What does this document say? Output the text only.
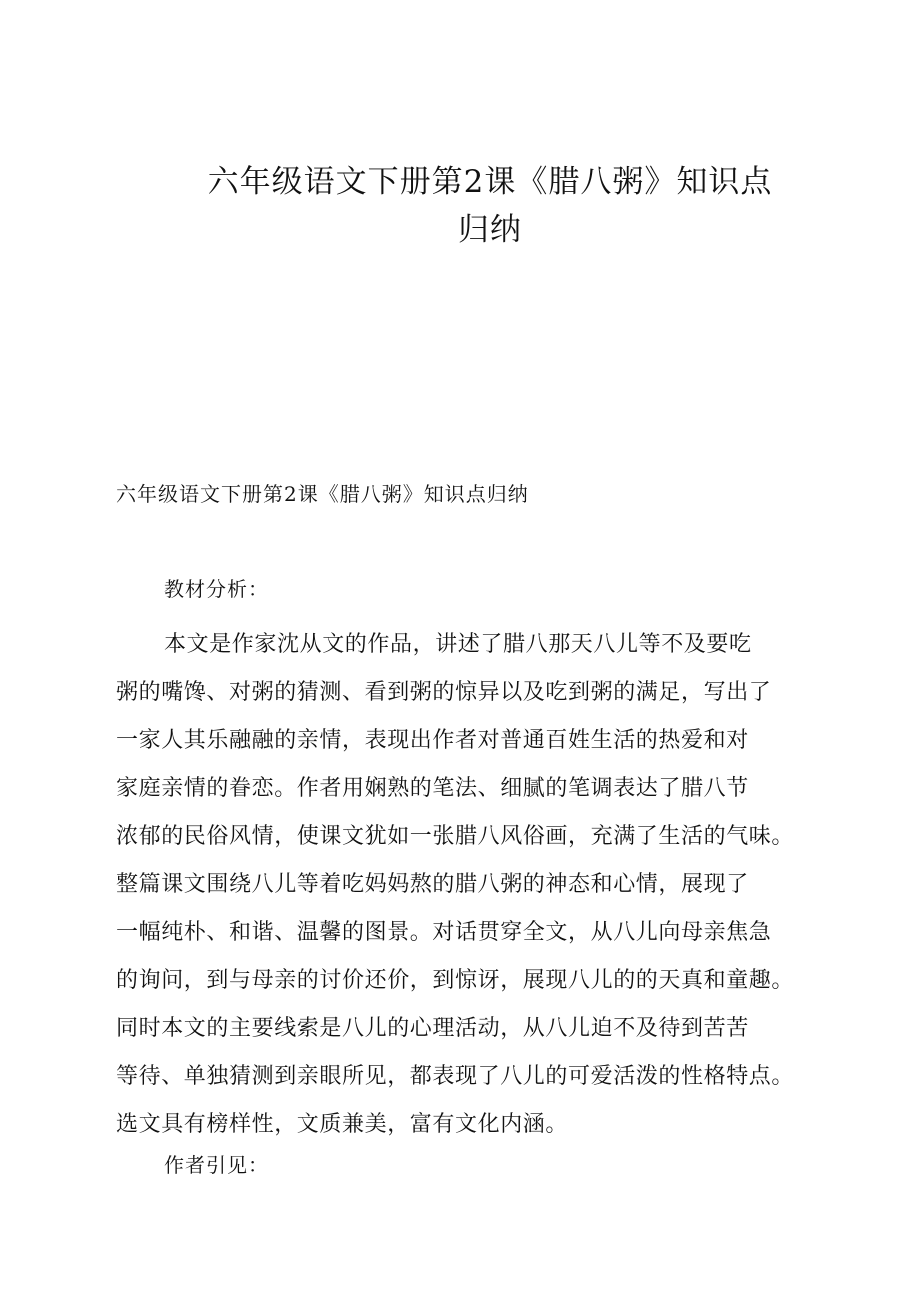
六年级语文下册第2课《腊八粥》知识点
归纳

六年级语文下册第2课《腊八粥》知识点归纳

教材分析：

本文是作家沈从文的作品，讲述了腊八那天八儿等不及要吃
粥的嘴馋、对粥的猜测、看到粥的惊异以及吃到粥的满足，写出了
一家人其乐融融的亲情，表现出作者对普通百姓生活的热爱和对
家庭亲情的眷恋。作者用娴熟的笔法、细腻的笔调表达了腊八节
浓郁的民俗风情，使课文犹如一张腊八风俗画，充满了生活的气味。
整篇课文围绕八儿等着吃妈妈熬的腊八粥的神态和心情，展现了
一幅纯朴、和谐、温馨的图景。对话贯穿全文，从八儿向母亲焦急
的询问，到与母亲的讨价还价，到惊讶，展现八儿的的天真和童趣。
同时本文的主要线索是八儿的心理活动，从八儿迫不及待到苦苦
等待、单独猜测到亲眼所见，都表现了八儿的可爱活泼的性格特点。
选文具有榜样性，文质兼美，富有文化内涵。

作者引见：
